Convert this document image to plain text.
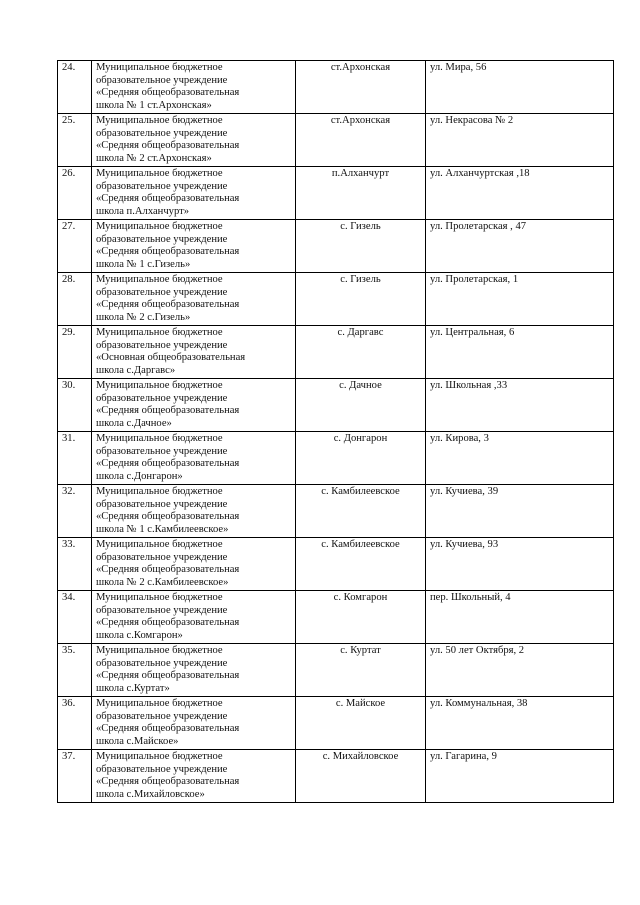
24.	Муниципальное бюджетное
образовательное учреждение
«Средняя общеобразовательная
школа № 1 ст.Архонская»	ст.Архонская	ул. Мира, 56
25.	Муниципальное бюджетное
образовательное учреждение
«Средняя общеобразовательная
школа № 2 ст.Архонская»	ст.Архонская	ул. Некрасова № 2
26.	Муниципальное бюджетное
образовательное учреждение
«Средняя общеобразовательная
школа п.Алханчурт»	п.Алханчурт	ул. Алханчуртская ,18
27.	Муниципальное бюджетное
образовательное учреждение
«Средняя общеобразовательная
школа № 1 с.Гизель»	с. Гизель	ул. Пролетарская , 47
28.	Муниципальное бюджетное
образовательное учреждение
«Средняя общеобразовательная
школа № 2 с.Гизель»	с. Гизель	ул. Пролетарская, 1
29.	Муниципальное бюджетное
образовательное учреждение
«Основная общеобразовательная
школа с.Даргавс»	с. Даргавс	ул. Центральная, 6
30.	Муниципальное бюджетное
образовательное учреждение
«Средняя общеобразовательная
школа с.Дачное»	с. Дачное	ул. Школьная ,33
31.	Муниципальное бюджетное
образовательное учреждение
«Средняя общеобразовательная
школа с.Донгарон»	с. Донгарон	ул. Кирова, 3
32.	Муниципальное бюджетное
образовательное учреждение
«Средняя общеобразовательная
школа № 1 с.Камбилеевское»	с. Камбилеевское	ул. Кучиева, 39
33.	Муниципальное бюджетное
образовательное учреждение
«Средняя общеобразовательная
школа № 2 с.Камбилеевское»	с. Камбилеевское	ул. Кучиева, 93
34.	Муниципальное бюджетное
образовательное учреждение
«Средняя общеобразовательная
школа с.Комгарон»	с. Комгарон	пер. Школьный, 4
35.	Муниципальное бюджетное
образовательное учреждение
«Средняя общеобразовательная
школа с.Куртат»	с. Куртат	ул. 50 лет Октября, 2
36.	Муниципальное бюджетное
образовательное учреждение
«Средняя общеобразовательная
школа с.Майское»	с. Майское	ул. Коммунальная, 38
37.	Муниципальное бюджетное
образовательное учреждение
«Средняя общеобразовательная
школа с.Михайловское»	с. Михайловское	ул. Гагарина, 9
